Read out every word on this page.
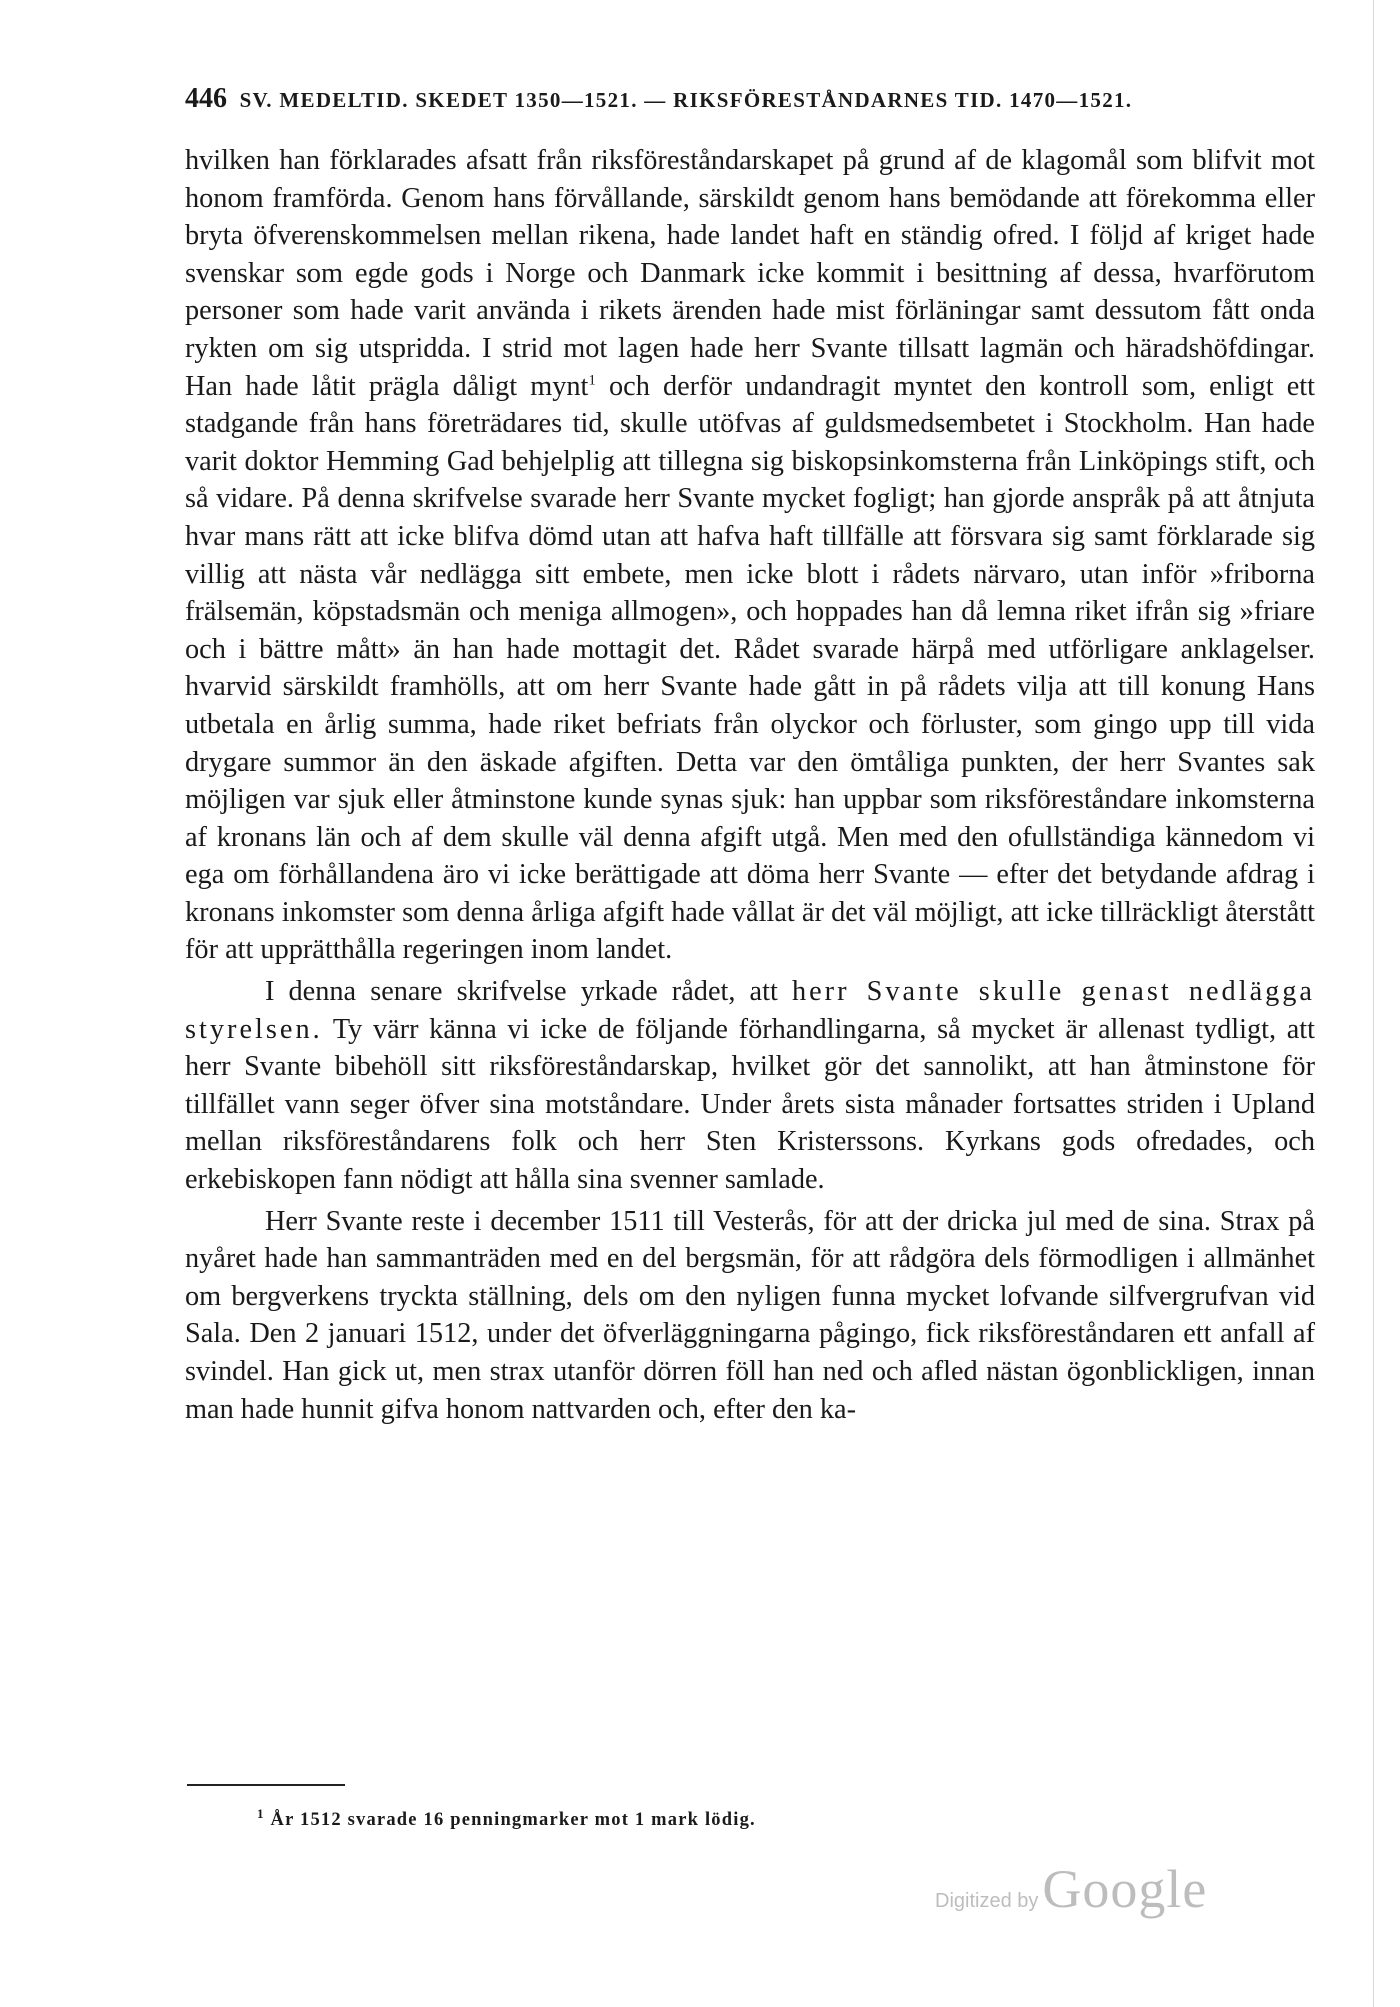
446 SV. MEDELTID. SKEDET 1350—1521. — RIKSFÖRESTÅNDARNES TID. 1470—1521.

hvilken han förklarades afsatt från riksföreståndarskapet på grund af de klagomål som blifvit mot honom framförda. Genom hans förvållande, särskildt genom hans bemödande att förekomma eller bryta öfverenskommelsen mellan rikena, hade landet haft en ständig ofred. I följd af kriget hade svenskar som egde gods i Norge och Danmark icke kommit i besittning af dessa, hvarförutom personer som hade varit använda i rikets ärenden hade mist förläningar samt dessutom fått onda rykten om sig utspridda. I strid mot lagen hade herr Svante tillsatt lagmän och häradshöfdingar. Han hade låtit prägla dåligt mynt$^1$ och derför undandragit myntet den kontroll som, enligt ett stadgande från hans företrädares tid, skulle utöfvas af guldsmedsembetet i Stockholm. Han hade varit doktor Hemming Gad behjelplig att tillegna sig biskopsinkomsterna från Linköpings stift, och så vidare. På denna skrifvelse svarade herr Svante mycket fogligt; han gjorde anspråk på att åtnjuta hvar mans rätt att icke blifva dömd utan att hafva haft tillfälle att försvara sig samt förklarade sig villig att nästa vår nedlägga sitt embete, men icke blott i rådets närvaro, utan inför »friborna frälsemän, köpstadsmän och meniga allmogen», och hoppades han då lemna riket ifrån sig »friare och i bättre mått» än han hade mottagit det. Rådet svarade härpå med utförligare anklagelser. hvarvid särskildt framhölls, att om herr Svante hade gått in på rådets vilja att till konung Hans utbetala en årlig summa, hade riket befriats från olyckor och förluster, som gingo upp till vida drygare summor än den äskade afgiften. Detta var den ömtåliga punkten, der herr Svantes sak möjligen var sjuk eller åtminstone kunde synas sjuk: han uppbar som riksföreståndare inkomsterna af kronans län och af dem skulle väl denna afgift utgå. Men med den ofullständiga kännedom vi ega om förhållandena äro vi icke berättigade att döma herr Svante — efter det betydande afdrag i kronans inkomster som denna årliga afgift hade vållat är det väl möjligt, att icke tillräckligt återstått för att upprätthålla regeringen inom landet.

I denna senare skrifvelse yrkade rådet, att herr Svante skulle genast nedlägga styrelsen. Ty värr känna vi icke de följande förhandlingarna, så mycket är allenast tydligt, att herr Svante bibehöll sitt riksföreståndarskap, hvilket gör det sannolikt, att han åtminstone för tillfället vann seger öfver sina motståndare. Under årets sista månader fortsattes striden i Upland mellan riksföreståndarens folk och herr Sten Kristerssons. Kyrkans gods ofredades, och erkebiskopen fann nödigt att hålla sina svenner samlade.

Herr Svante reste i december 1511 till Vesterås, för att der dricka jul med de sina. Strax på nyåret hade han sammanträden med en del bergsmän, för att rådgöra dels förmodligen i allmänhet om bergverkens tryckta ställning, dels om den nyligen funna mycket lofvande silfvergrufvan vid Sala. Den 2 januari 1512, under det öfverläggningarna pågingo, fick riksföreståndaren ett anfall af svindel. Han gick ut, men strax utanför dörren föll han ned och afled nästan ögonblickligen, innan man hade hunnit gifva honom nattvarden och, efter den ka-

$^1$ År 1512 svarade 16 penningmarker mot 1 mark lödig.
Digitized by Google
